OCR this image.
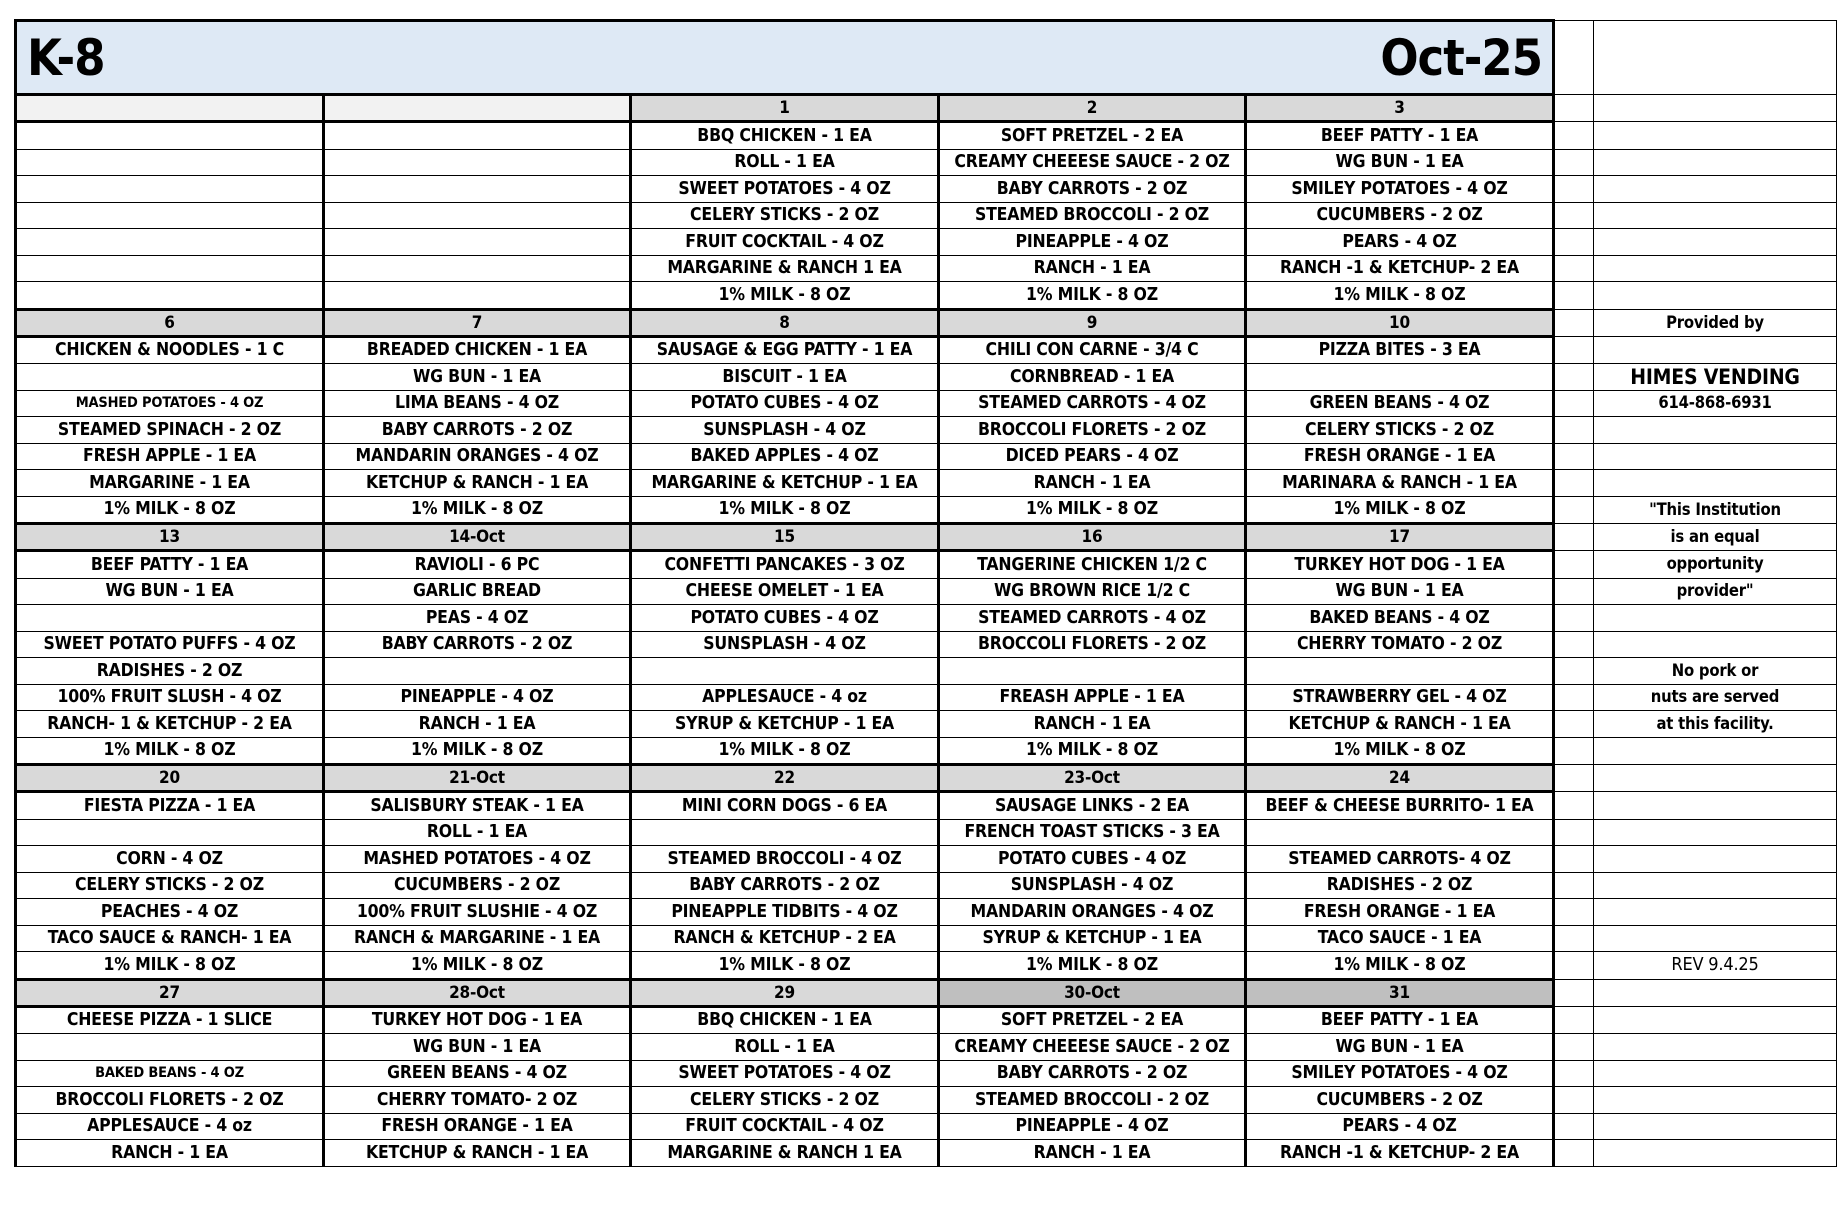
K-8 Oct-25						

		1	2	3		
		BBQ CHICKEN - 1 EA	SOFT PRETZEL - 2 EA	BEEF PATTY - 1 EA		
		ROLL - 1 EA	CREAMY CHEEESE SAUCE - 2 OZ	WG BUN - 1 EA		
		SWEET POTATOES - 4 OZ	BABY CARROTS - 2 OZ	SMILEY POTATOES - 4 OZ		
		CELERY STICKS - 2 OZ	STEAMED BROCCOLI - 2 OZ	CUCUMBERS - 2 OZ		
		FRUIT COCKTAIL - 4 OZ	PINEAPPLE - 4 OZ	PEARS - 4 OZ		
		MARGARINE & RANCH 1 EA	RANCH - 1 EA	RANCH -1 & KETCHUP- 2 EA		
		1% MILK - 8 OZ	1% MILK - 8 OZ	1% MILK - 8 OZ		
6	7	8	9	10		Provided by
CHICKEN & NOODLES - 1 C	BREADED CHICKEN - 1 EA	SAUSAGE & EGG PATTY - 1 EA	CHILI CON CARNE - 3/4 C	PIZZA BITES - 3 EA		
	WG BUN - 1 EA	BISCUIT - 1 EA	CORNBREAD - 1 EA			HIMES VENDING
MASHED POTATOES - 4 OZ	LIMA BEANS - 4 OZ	POTATO CUBES - 4 OZ	STEAMED CARROTS - 4 OZ	GREEN BEANS - 4 OZ		614-868-6931
STEAMED SPINACH - 2 OZ	BABY CARROTS - 2 OZ	SUNSPLASH - 4 OZ	BROCCOLI FLORETS - 2 OZ	CELERY STICKS - 2 OZ		
FRESH APPLE - 1 EA	MANDARIN ORANGES - 4 OZ	BAKED APPLES - 4 OZ	DICED PEARS - 4 OZ	FRESH ORANGE - 1 EA		
MARGARINE - 1 EA	KETCHUP & RANCH - 1 EA	MARGARINE & KETCHUP - 1 EA	RANCH - 1 EA	MARINARA & RANCH - 1 EA		
1% MILK - 8 OZ	1% MILK - 8 OZ	1% MILK - 8 OZ	1% MILK - 8 OZ	1% MILK - 8 OZ		"This Institution
13	14-Oct	15	16	17		is an equal
BEEF PATTY - 1 EA	RAVIOLI - 6 PC	CONFETTI PANCAKES - 3 OZ	TANGERINE CHICKEN 1/2 C	TURKEY HOT DOG - 1 EA		opportunity
WG BUN - 1 EA	GARLIC BREAD	CHEESE OMELET - 1 EA	WG BROWN RICE 1/2 C	WG BUN - 1 EA		provider"
	PEAS - 4 OZ	POTATO CUBES - 4 OZ	STEAMED CARROTS - 4 OZ	BAKED BEANS - 4 OZ		
SWEET POTATO PUFFS - 4 OZ	BABY CARROTS - 2 OZ	SUNSPLASH - 4 OZ	BROCCOLI FLORETS - 2 OZ	CHERRY TOMATO - 2 OZ		
RADISHES - 2 OZ						No pork or
100% FRUIT SLUSH - 4 OZ	PINEAPPLE - 4 OZ	APPLESAUCE - 4 oz	FREASH APPLE - 1 EA	STRAWBERRY GEL - 4 OZ		nuts are served
RANCH- 1 & KETCHUP - 2 EA	RANCH - 1 EA	SYRUP & KETCHUP - 1 EA	RANCH - 1 EA	KETCHUP & RANCH - 1 EA		at this facility.
1% MILK - 8 OZ	1% MILK - 8 OZ	1% MILK - 8 OZ	1% MILK - 8 OZ	1% MILK - 8 OZ		
20	21-Oct	22	23-Oct	24		
FIESTA PIZZA - 1 EA	SALISBURY STEAK - 1 EA	MINI CORN DOGS - 6 EA	SAUSAGE LINKS - 2 EA	BEEF & CHEESE BURRITO- 1 EA		
	ROLL - 1 EA		FRENCH TOAST STICKS - 3 EA			
CORN - 4 OZ	MASHED POTATOES - 4 OZ	STEAMED BROCCOLI - 4 OZ	POTATO CUBES - 4 OZ	STEAMED CARROTS- 4 OZ		
CELERY STICKS - 2 OZ	CUCUMBERS - 2 OZ	BABY CARROTS - 2 OZ	SUNSPLASH - 4 OZ	RADISHES - 2 OZ		
PEACHES - 4 OZ	100% FRUIT SLUSHIE - 4 OZ	PINEAPPLE TIDBITS - 4 OZ	MANDARIN ORANGES - 4 OZ	FRESH ORANGE - 1 EA		
TACO SAUCE & RANCH- 1 EA	RANCH & MARGARINE - 1 EA	RANCH & KETCHUP - 2 EA	SYRUP & KETCHUP - 1 EA	TACO SAUCE - 1 EA		
1% MILK - 8 OZ	1% MILK - 8 OZ	1% MILK - 8 OZ	1% MILK - 8 OZ	1% MILK - 8 OZ		REV 9.4.25
27	28-Oct	29	30-Oct	31		
CHEESE PIZZA - 1 SLICE	TURKEY HOT DOG - 1 EA	BBQ CHICKEN - 1 EA	SOFT PRETZEL - 2 EA	BEEF PATTY - 1 EA		
	WG BUN - 1 EA	ROLL - 1 EA	CREAMY CHEEESE SAUCE - 2 OZ	WG BUN - 1 EA		
BAKED BEANS - 4 OZ	GREEN BEANS - 4 OZ	SWEET POTATOES - 4 OZ	BABY CARROTS - 2 OZ	SMILEY POTATOES - 4 OZ		
BROCCOLI FLORETS - 2 OZ	CHERRY TOMATO- 2 OZ	CELERY STICKS - 2 OZ	STEAMED BROCCOLI - 2 OZ	CUCUMBERS - 2 OZ		
APPLESAUCE - 4 oz	FRESH ORANGE - 1 EA	FRUIT COCKTAIL - 4 OZ	PINEAPPLE - 4 OZ	PEARS - 4 OZ		
RANCH - 1 EA	KETCHUP & RANCH - 1 EA	MARGARINE & RANCH 1 EA	RANCH - 1 EA	RANCH -1 & KETCHUP- 2 EA		
